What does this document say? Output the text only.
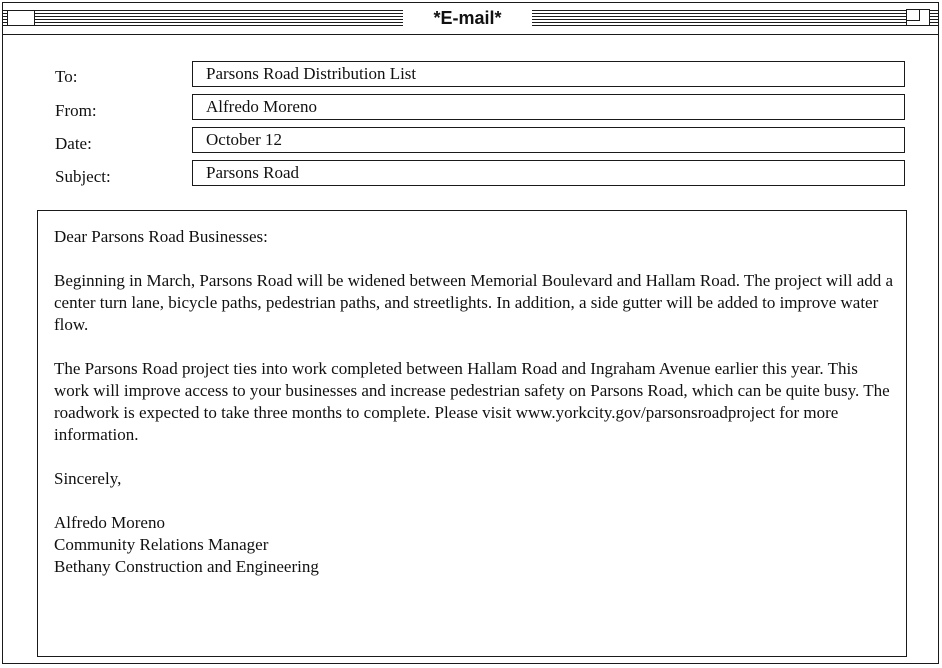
*E-mail*
To:	Parsons Road Distribution List
From:	Alfredo Moreno
Date:	October 12
Subject:	Parsons Road

Dear Parsons Road Businesses:

Beginning in March, Parsons Road will be widened between Memorial Boulevard and Hallam Road. The project will add a center turn lane, bicycle paths, pedestrian paths, and streetlights. In addition, a side gutter will be added to improve water flow.

The Parsons Road project ties into work completed between Hallam Road and Ingraham Avenue earlier this year. This work will improve access to your businesses and increase pedestrian safety on Parsons Road, which can be quite busy. The roadwork is expected to take three months to complete. Please visit www.yorkcity.gov/parsonsroadproject for more information.

Sincerely,

Alfredo Moreno

Community Relations Manager

Bethany Construction and Engineering
